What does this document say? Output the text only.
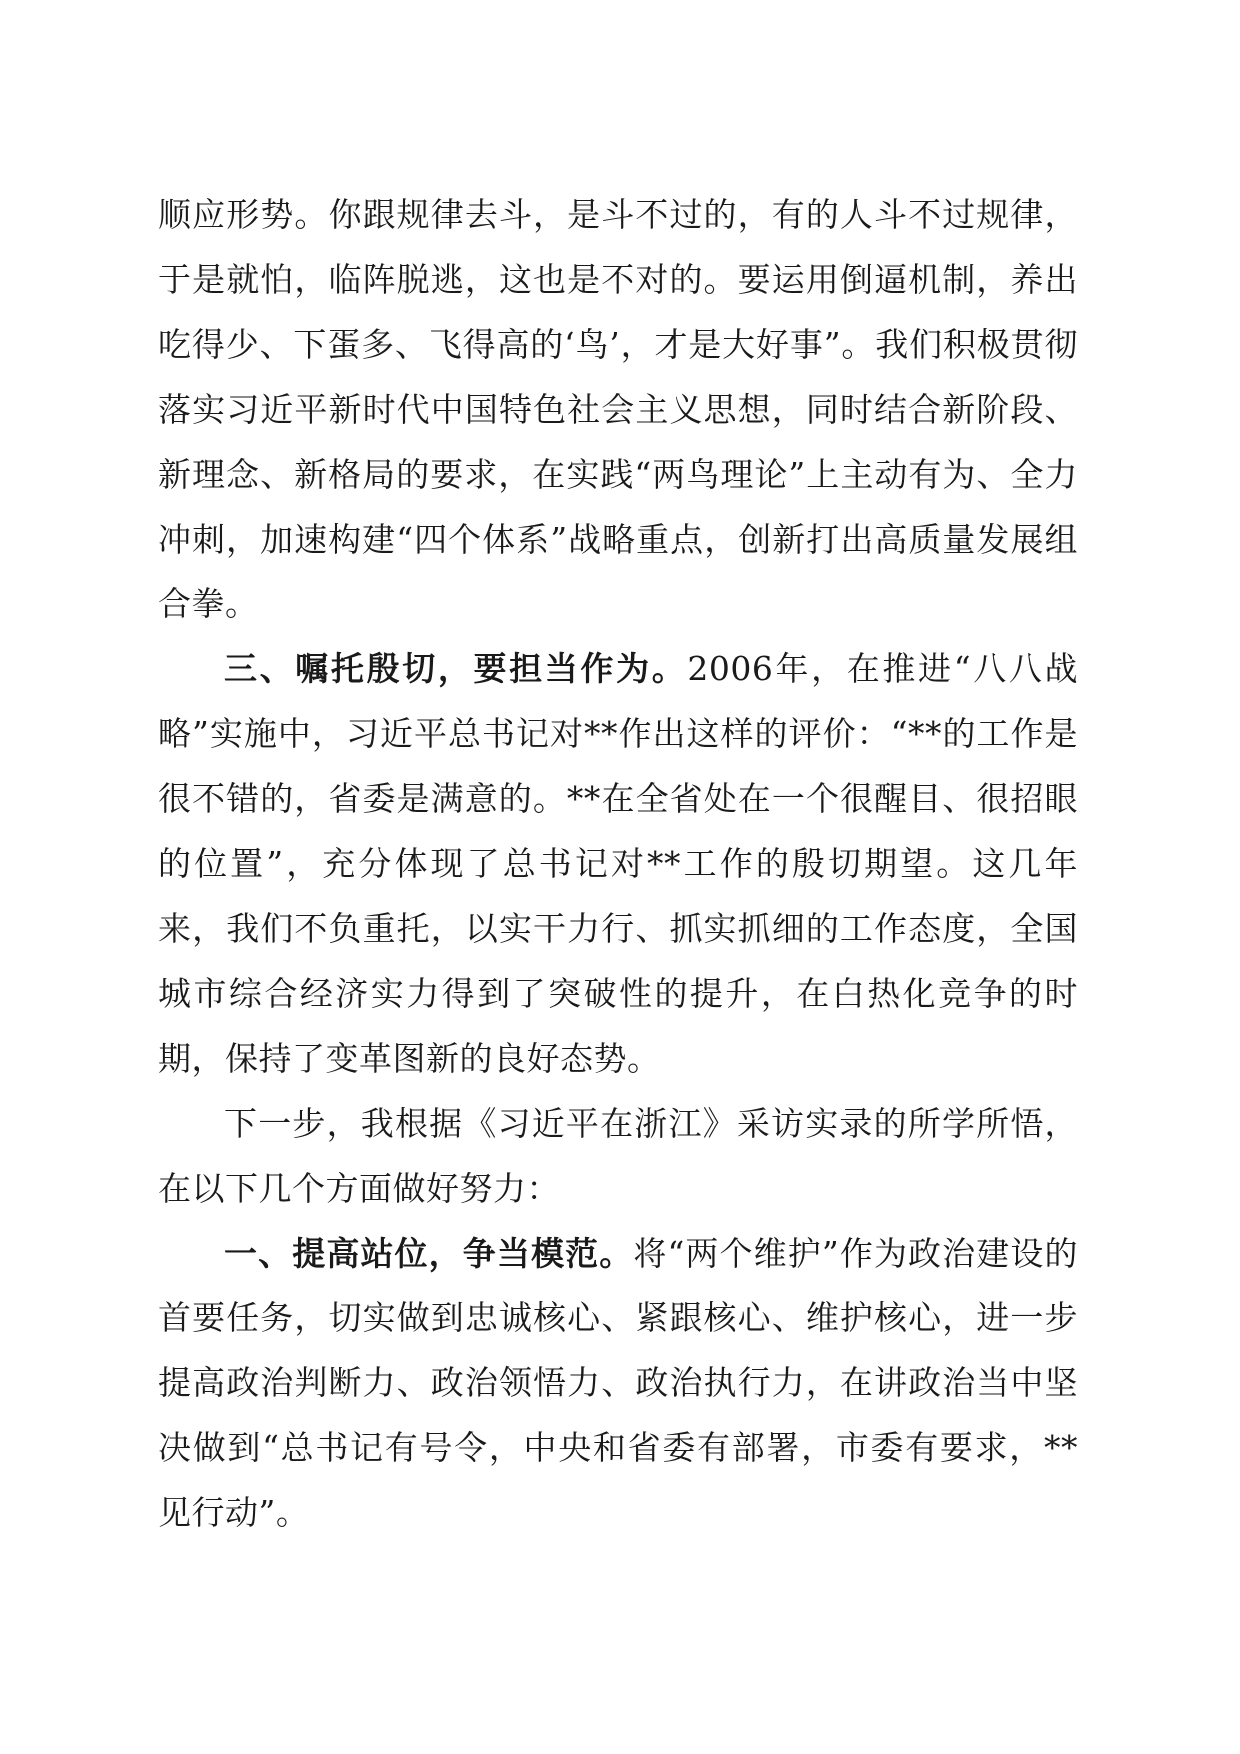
顺应形势。你跟规律去斗，是斗不过的，有的人斗不过规律，于是就怕，临阵脱逃，这也是不对的。要运用倒逼机制，养出吃得少、下蛋多、飞得高的‘鸟’，才是大好事”。我们积极贯彻落实习近平新时代中国特色社会主义思想，同时结合新阶段、新理念、新格局的要求，在实践“两鸟理论”上主动有为、全力冲刺，加速构建“四个体系”战略重点，创新打出高质量发展组合拳。

三、嘱托殷切，要担当作为。2006年，在推进“八八战略”实施中，习近平总书记对**作出这样的评价：“**的工作是很不错的，省委是满意的。**在全省处在一个很醒目、很招眼的位置”，充分体现了总书记对**工作的殷切期望。这几年来，我们不负重托，以实干力行、抓实抓细的工作态度，全国城市综合经济实力得到了突破性的提升，在白热化竞争的时期，保持了变革图新的良好态势。

下一步，我根据《习近平在浙江》采访实录的所学所悟，在以下几个方面做好努力：

一、提高站位，争当模范。将“两个维护”作为政治建设的首要任务，切实做到忠诚核心、紧跟核心、维护核心，进一步提高政治判断力、政治领悟力、政治执行力，在讲政治当中坚决做到“总书记有号令，中央和省委有部署，市委有要求，**见行动”。
